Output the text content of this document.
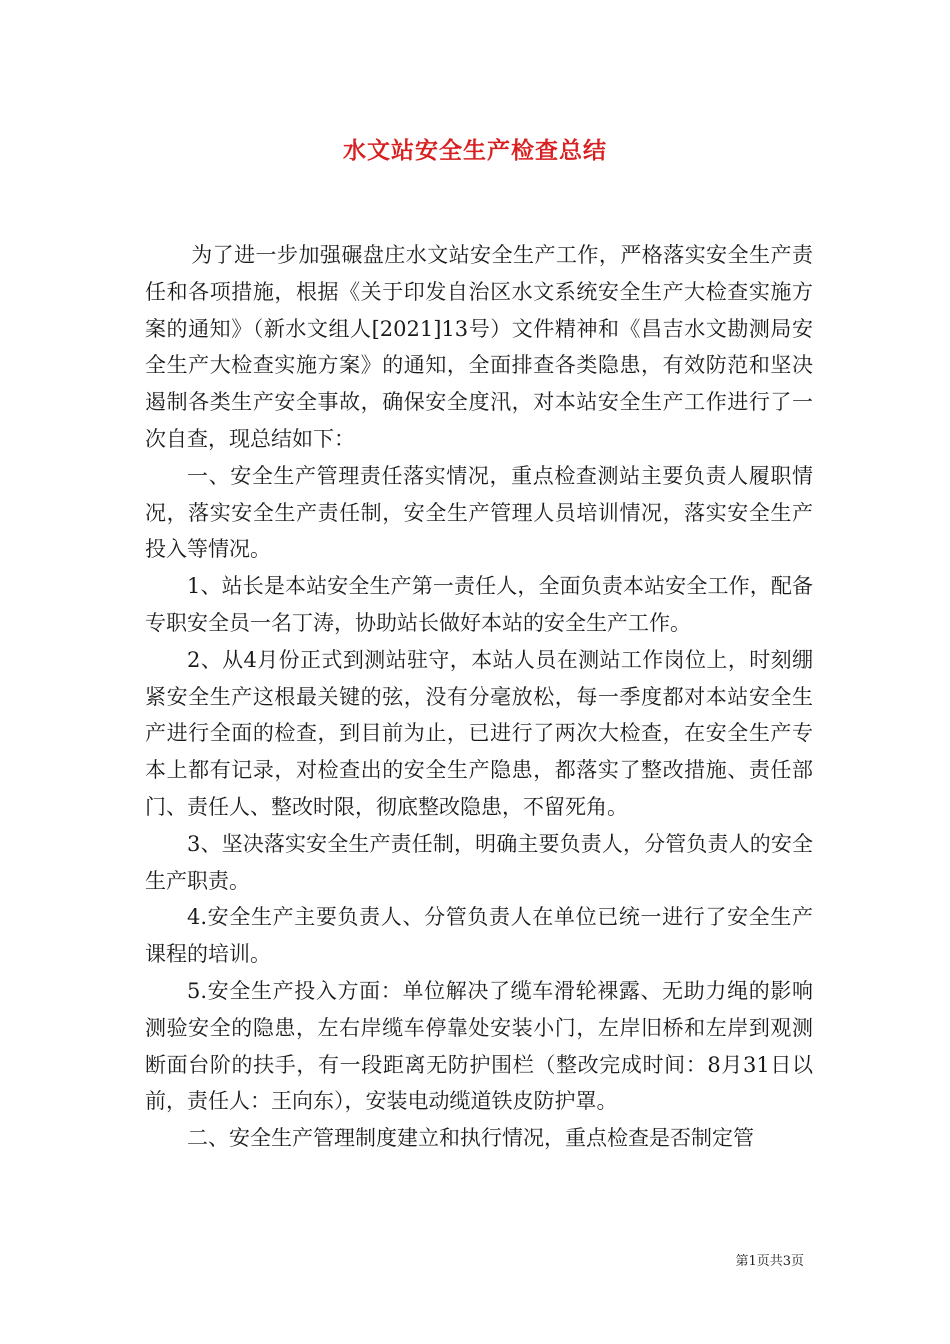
水文站安全生产检查总结

为了进一步加强碾盘庄水文站安全生产工作，严格落实安全生产责任和各项措施，根据《关于印发自治区水文系统安全生产大检查实施方案的通知》（新水文组人[2021]13号）文件精神和《昌吉水文勘测局安全生产大检查实施方案》的通知，全面排查各类隐患，有效防范和坚决遏制各类生产安全事故，确保安全度汛，对本站安全生产工作进行了一次自查，现总结如下：

一、安全生产管理责任落实情况，重点检查测站主要负责人履职情况，落实安全生产责任制，安全生产管理人员培训情况，落实安全生产投入等情况。

1、站长是本站安全生产第一责任人，全面负责本站安全工作，配备专职安全员一名丁涛，协助站长做好本站的安全生产工作。

2、从4月份正式到测站驻守，本站人员在测站工作岗位上，时刻绷紧安全生产这根最关键的弦，没有分毫放松，每一季度都对本站安全生产进行全面的检查，到目前为止，已进行了两次大检查，在安全生产专本上都有记录，对检查出的安全生产隐患，都落实了整改措施、责任部门、责任人、整改时限，彻底整改隐患，不留死角。

3、坚决落实安全生产责任制，明确主要负责人，分管负责人的安全生产职责。

4.安全生产主要负责人、分管负责人在单位已统一进行了安全生产课程的培训。

5.安全生产投入方面：单位解决了缆车滑轮裸露、无助力绳的影响测验安全的隐患，左右岸缆车停靠处安装小门，左岸旧桥和左岸到观测断面台阶的扶手，有一段距离无防护围栏（整改完成时间：8月31日以前，责任人：王向东），安装电动缆道铁皮防护罩。

二、安全生产管理制度建立和执行情况，重点检查是否制定管

第1页共3页
